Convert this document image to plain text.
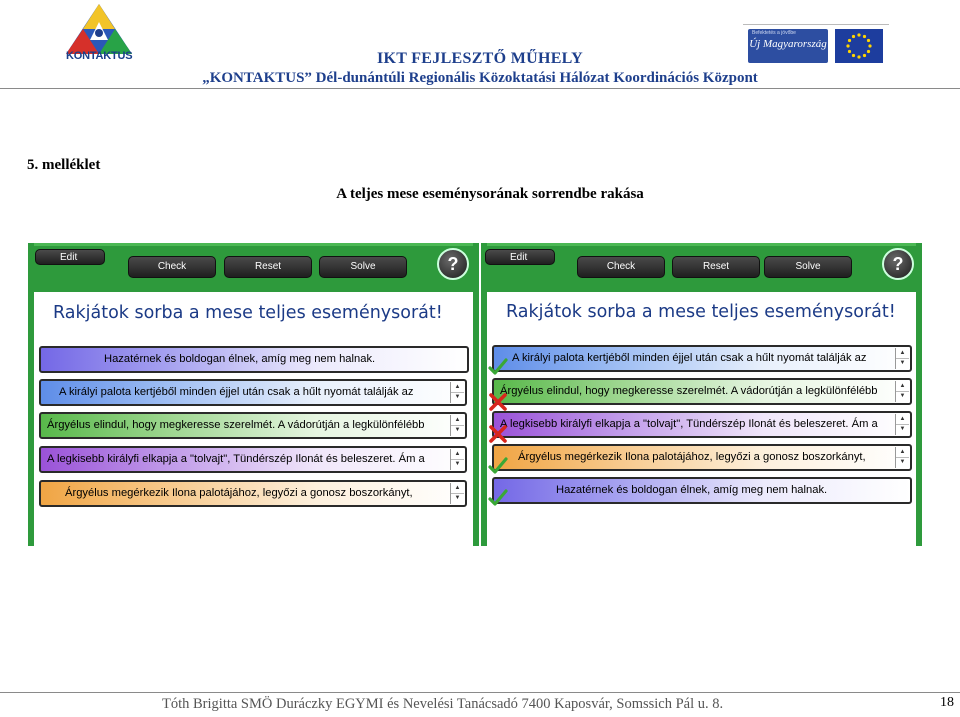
KONTAKTUS	IKT FEJLESZTŐ MŰHELY
„KONTAKTUS” Dél-dunántúli Regionális Közoktatási Hálózat Koordinációs Központ
Befektetés a jövőbe
Új Magyarország
5. melléklet
A teljes mese eseménysorának sorrendbe rakása
Edit
Check	Reset	Solve	?
Rakjátok sorba a mese teljes eseménysorát!
Hazatérnek és boldogan élnek, amíg meg nem halnak.
A királyi palota kertjéből minden éjjel után csak a hűlt nyomát találják az	▲
▼
Árgyélus elindul, hogy megkeresse szerelmét. A vádorútján a legkülönfélébb	▲
▼
A legkisebb királyfi elkapja a "tolvajt", Tündérszép Ilonát és beleszeret. Ám a	▲
▼
Árgyélus megérkezik Ilona palotájához, legyőzi a gonosz boszorkányt,	▲
▼
Edit
Check	Reset	Solve	?
Rakjátok sorba a mese teljes eseménysorát!
A királyi palota kertjéből minden éjjel után csak a hűlt nyomát találják az	▲
▼
Árgyélus elindul, hogy megkeresse szerelmét. A vádorútján a legkülönfélébb	▲
▼
A legkisebb királyfi elkapja a "tolvajt", Tündérszép Ilonát és beleszeret. Ám a	▲
▼
Árgyélus megérkezik Ilona palotájához, legyőzi a gonosz boszorkányt,	▲
▼
Hazatérnek és boldogan élnek, amíg meg nem halnak.
Tóth Brigitta SMÖ Duráczky EGYMI és Nevelési Tanácsadó 7400 Kaposvár, Somssich Pál u. 8.	18
